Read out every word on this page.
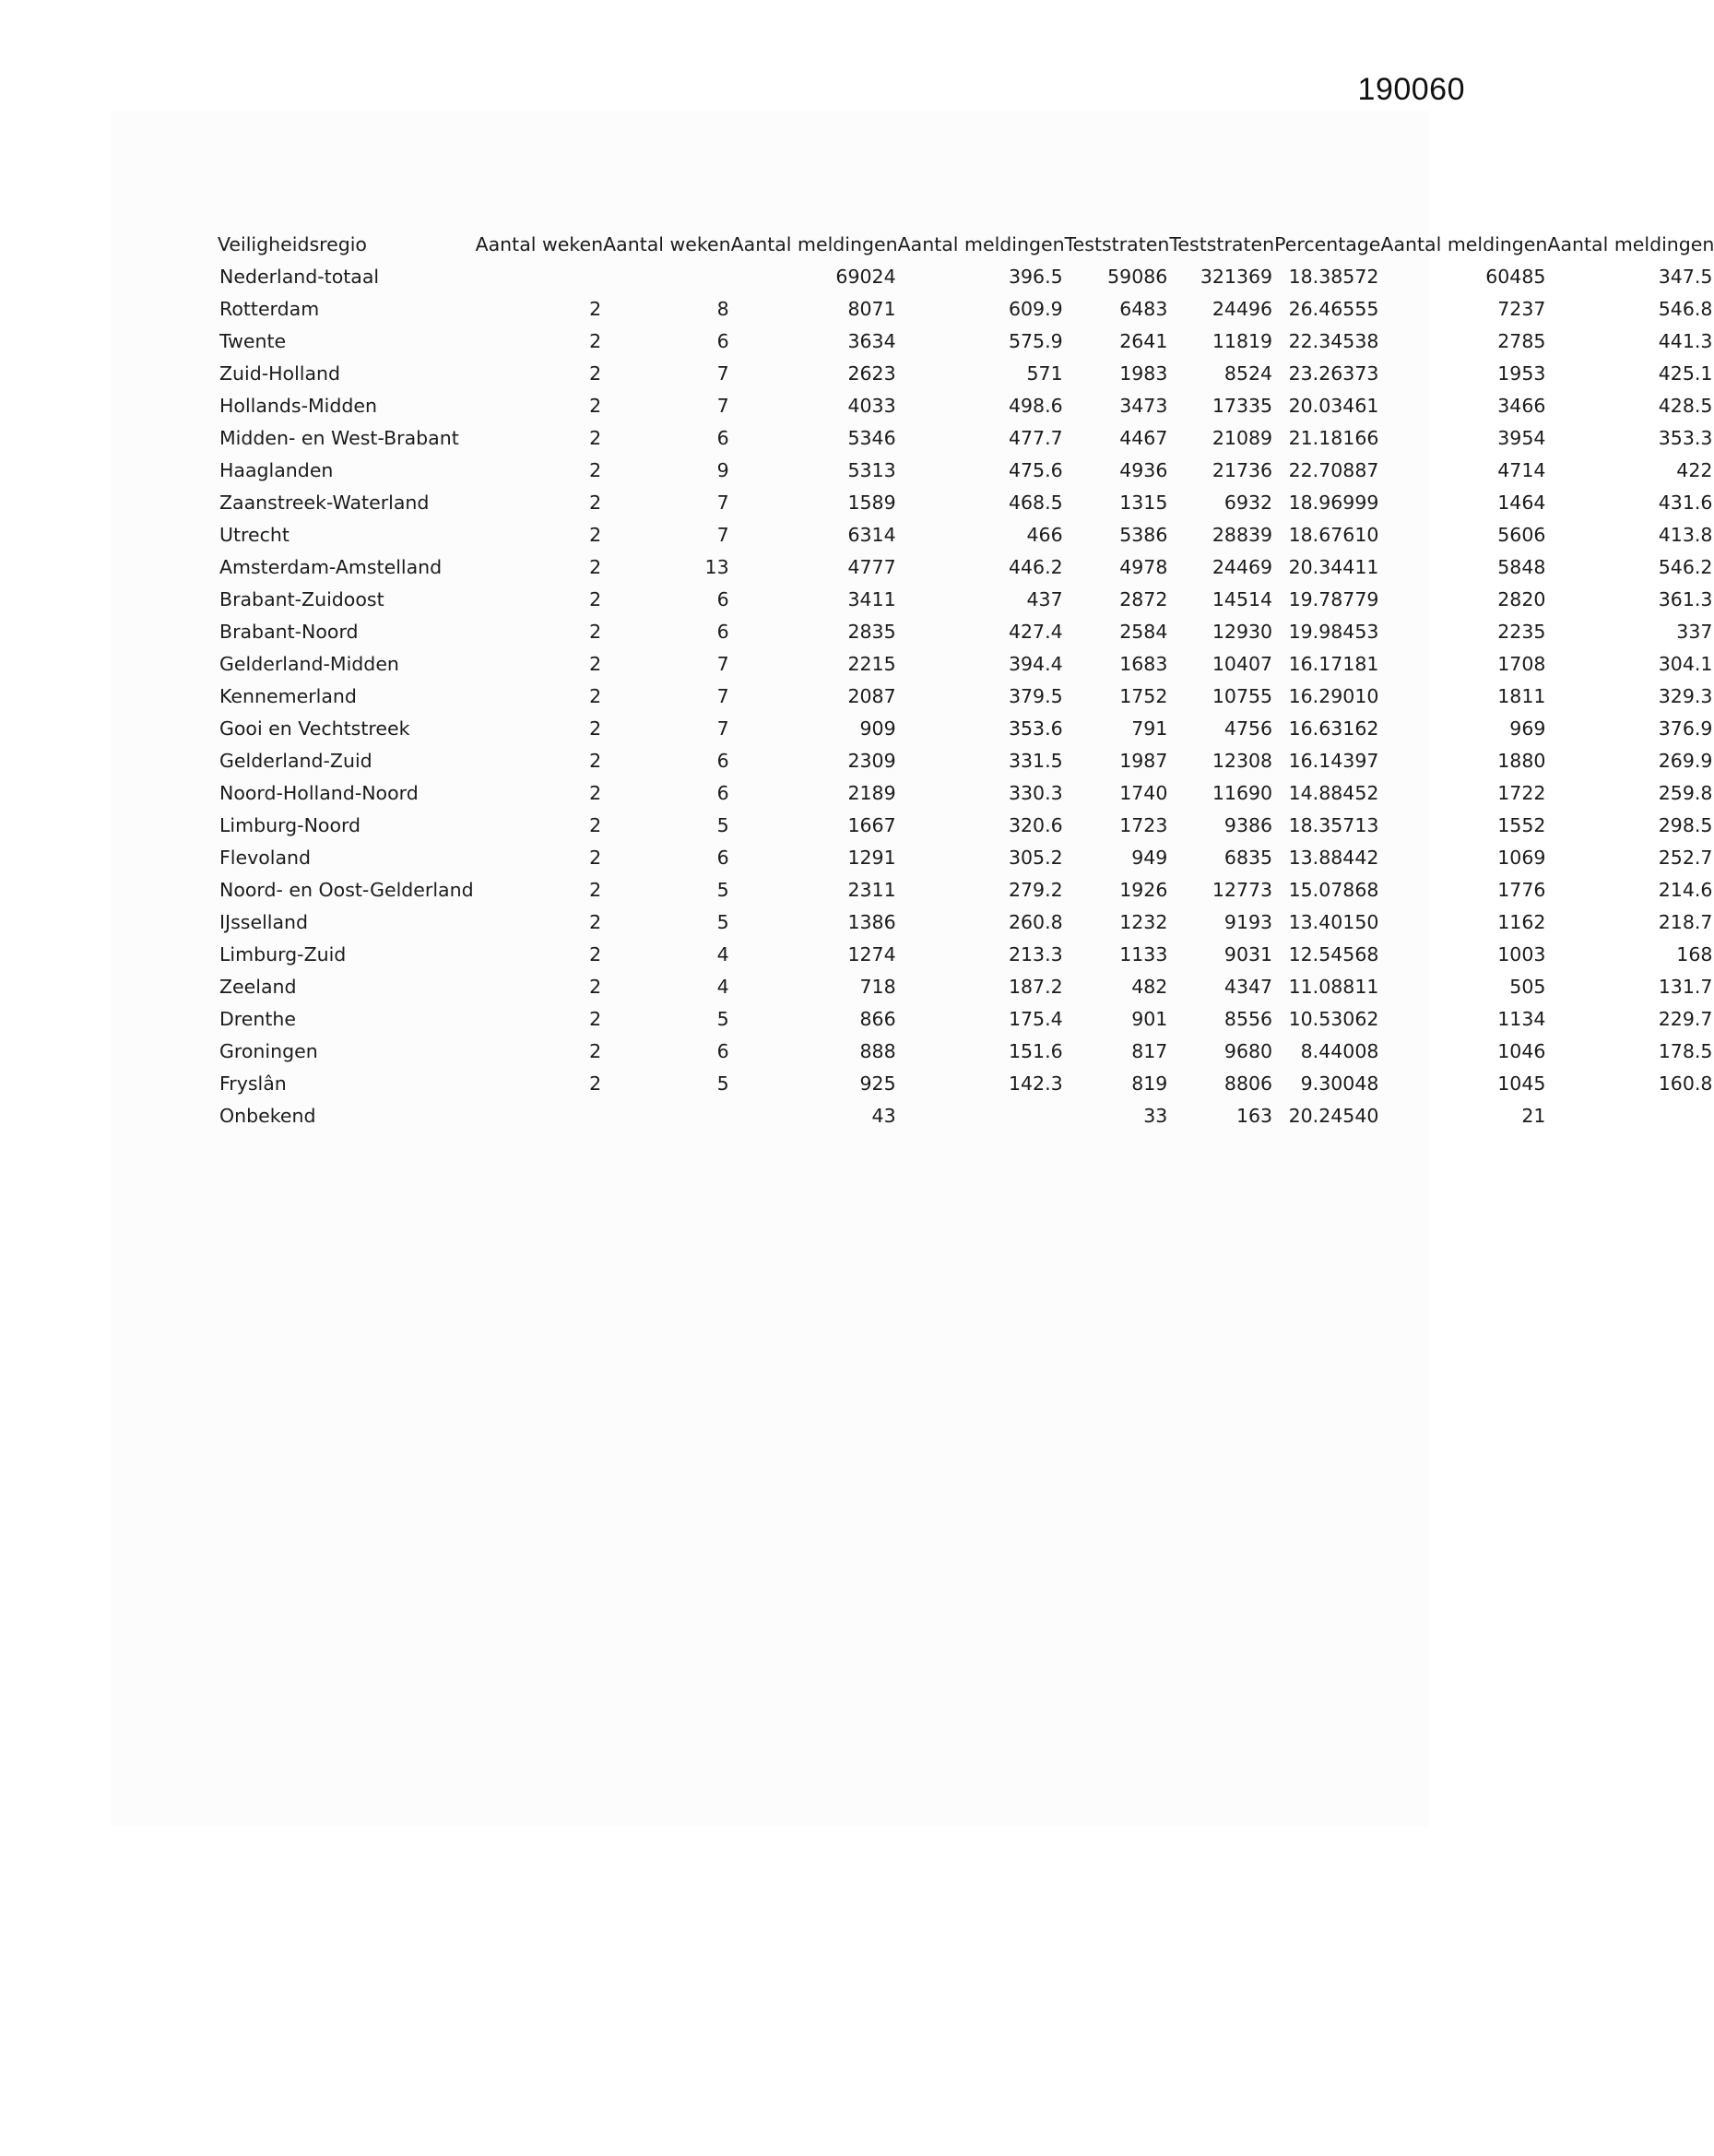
190060
Veiligheidsregio	Aantal weken	Aantal weken	Aantal meldingen	Aantal meldingen	Teststraten	Teststraten	Percentage	Aantal meldingen	Aantal meldingen
Nederland-totaal			69024	396.5	59086	321369	18.38572	60485	347.5
Rotterdam	2	8	8071	609.9	6483	24496	26.46555	7237	546.8
Twente	2	6	3634	575.9	2641	11819	22.34538	2785	441.3
Zuid-Holland	2	7	2623	571	1983	8524	23.26373	1953	425.1
Hollands-Midden	2	7	4033	498.6	3473	17335	20.03461	3466	428.5
Midden- en West-Brabant	2	6	5346	477.7	4467	21089	21.18166	3954	353.3
Haaglanden	2	9	5313	475.6	4936	21736	22.70887	4714	422
Zaanstreek-Waterland	2	7	1589	468.5	1315	6932	18.96999	1464	431.6
Utrecht	2	7	6314	466	5386	28839	18.67610	5606	413.8
Amsterdam-Amstelland	2	13	4777	446.2	4978	24469	20.34411	5848	546.2
Brabant-Zuidoost	2	6	3411	437	2872	14514	19.78779	2820	361.3
Brabant-Noord	2	6	2835	427.4	2584	12930	19.98453	2235	337
Gelderland-Midden	2	7	2215	394.4	1683	10407	16.17181	1708	304.1
Kennemerland	2	7	2087	379.5	1752	10755	16.29010	1811	329.3
Gooi en Vechtstreek	2	7	909	353.6	791	4756	16.63162	969	376.9
Gelderland-Zuid	2	6	2309	331.5	1987	12308	16.14397	1880	269.9
Noord-Holland-Noord	2	6	2189	330.3	1740	11690	14.88452	1722	259.8
Limburg-Noord	2	5	1667	320.6	1723	9386	18.35713	1552	298.5
Flevoland	2	6	1291	305.2	949	6835	13.88442	1069	252.7
Noord- en Oost-Gelderland	2	5	2311	279.2	1926	12773	15.07868	1776	214.6
IJsselland	2	5	1386	260.8	1232	9193	13.40150	1162	218.7
Limburg-Zuid	2	4	1274	213.3	1133	9031	12.54568	1003	168
Zeeland	2	4	718	187.2	482	4347	11.08811	505	131.7
Drenthe	2	5	866	175.4	901	8556	10.53062	1134	229.7
Groningen	2	6	888	151.6	817	9680	8.44008	1046	178.5
Fryslân	2	5	925	142.3	819	8806	9.30048	1045	160.8
Onbekend			43		33	163	20.24540	21	
